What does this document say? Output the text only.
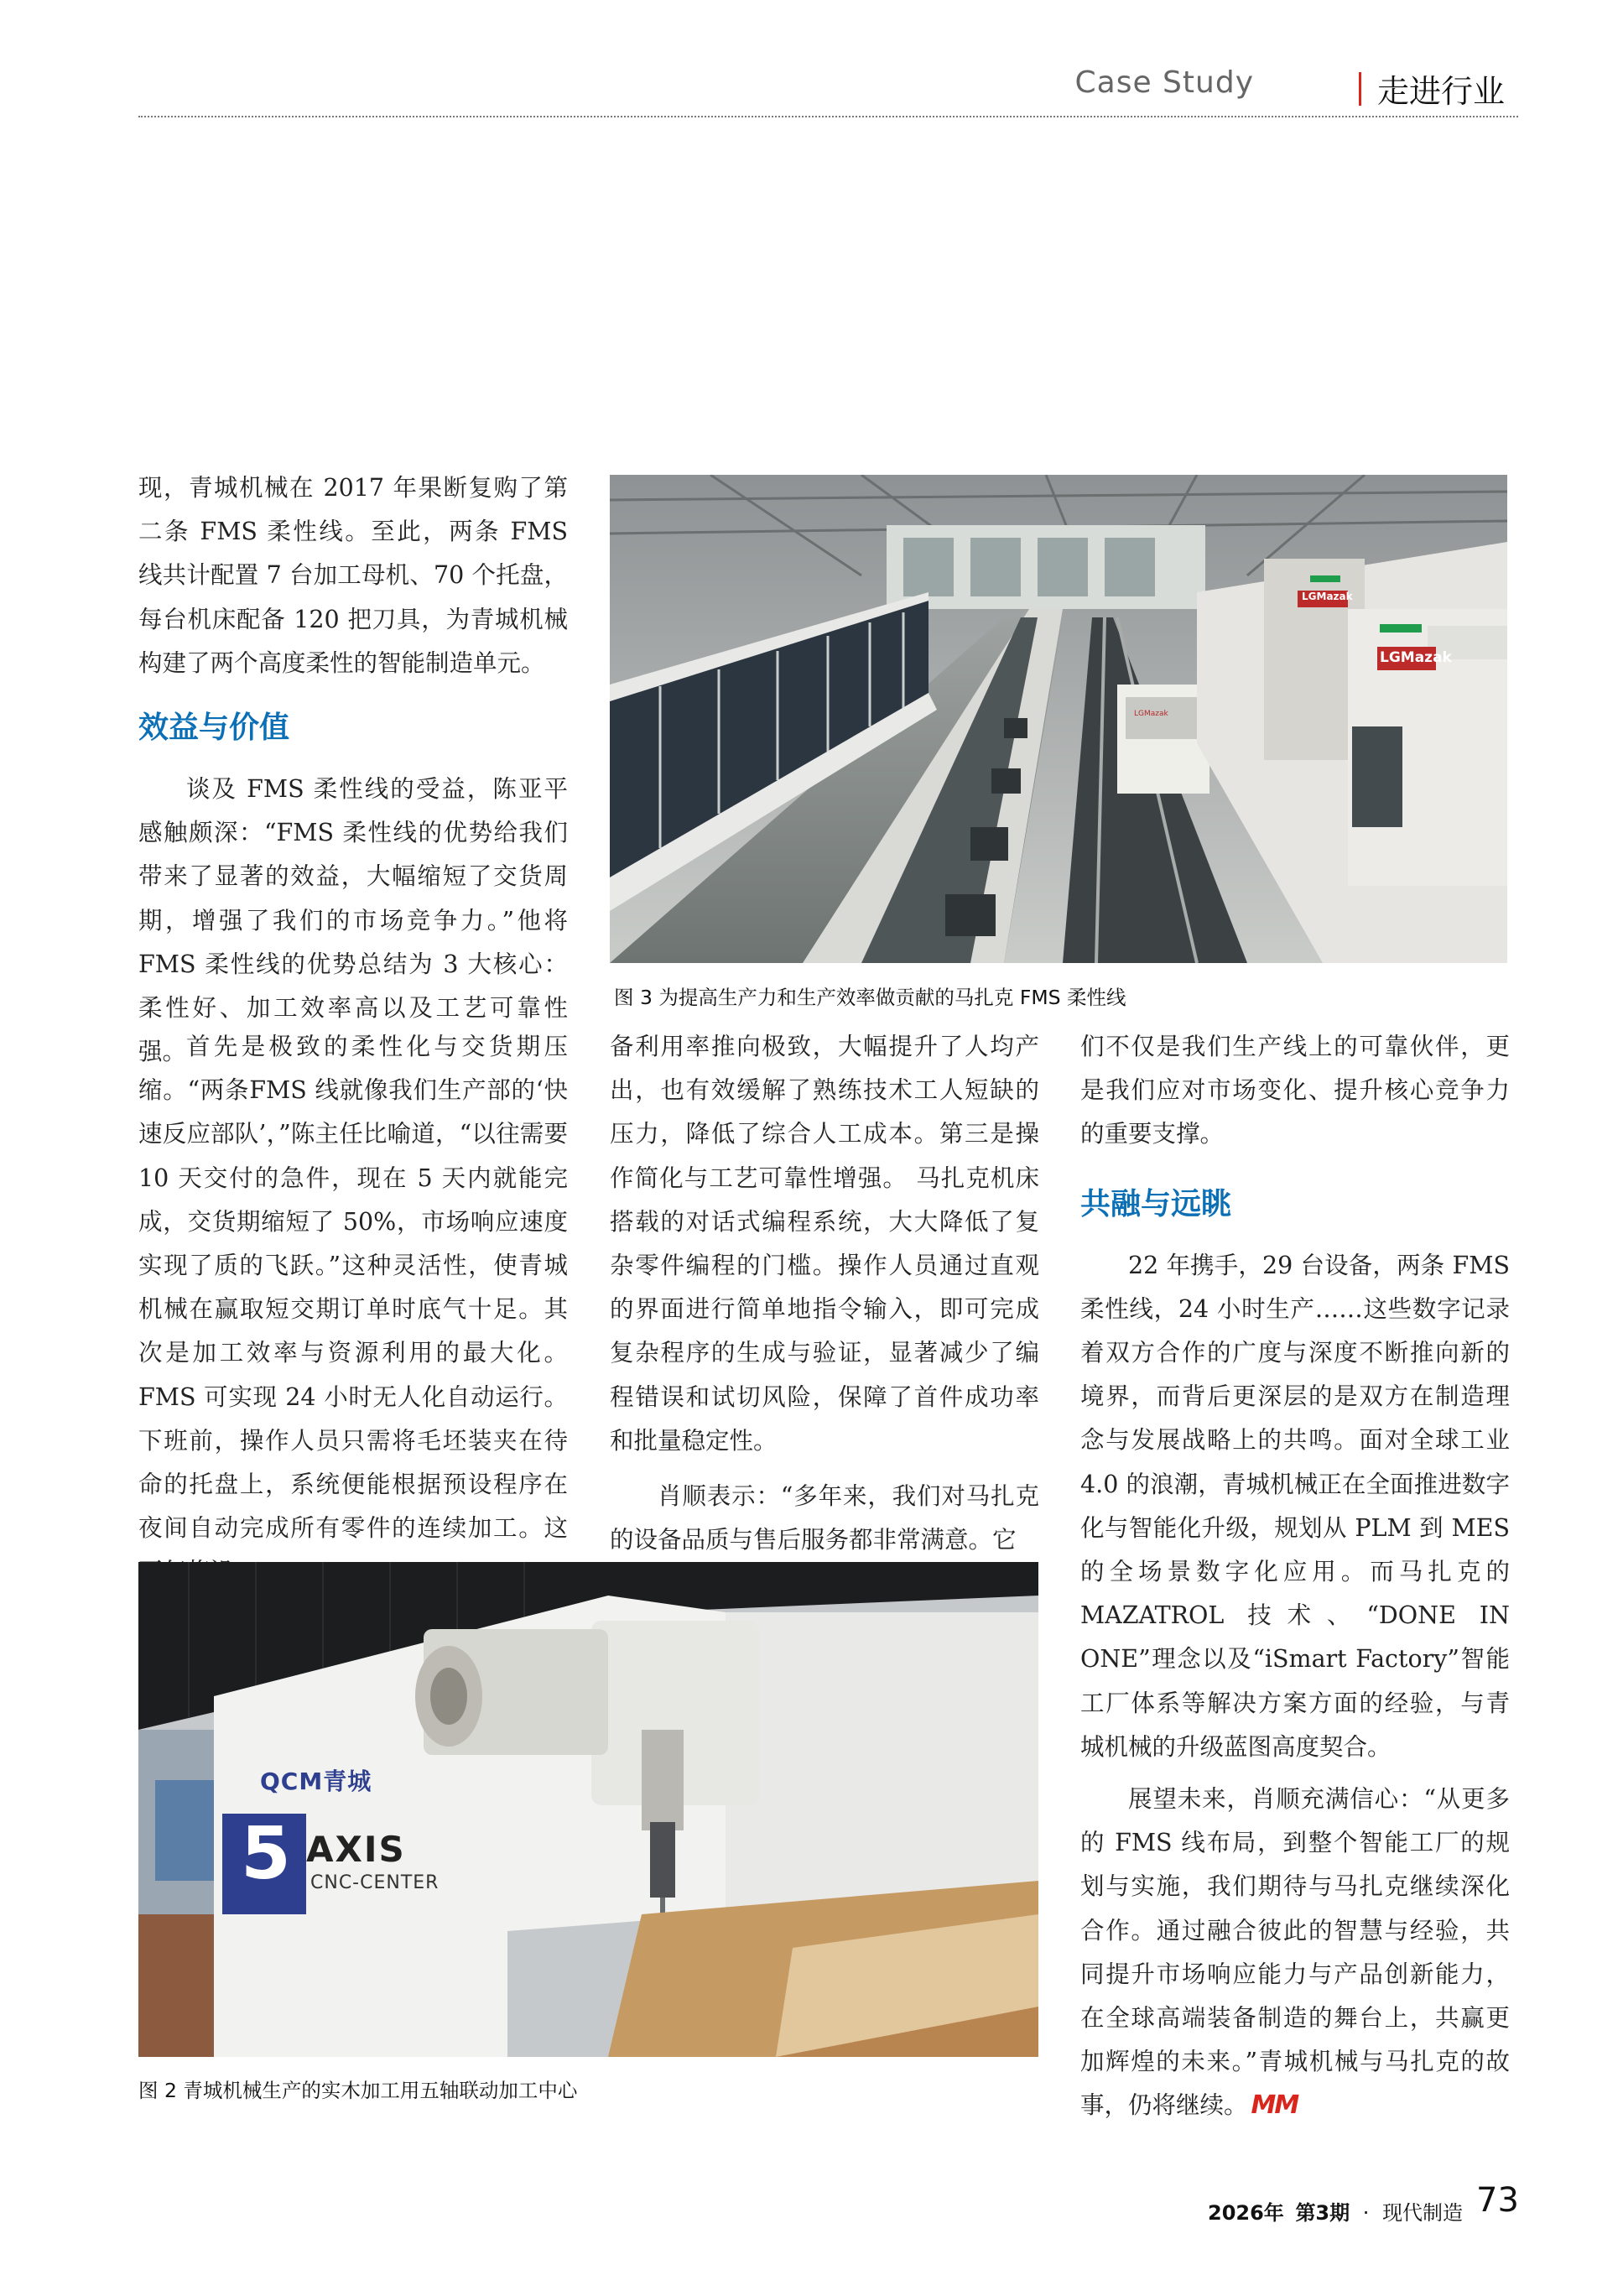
Case Study	走进行业

现，青城机械在 2017 年果断复购了第二条 FMS 柔性线。至此，两条 FMS 线共计配置 7 台加工母机、70 个托盘，每台机床配备 120 把刀具，为青城机械构建了两个高度柔性的智能制造单元。

效益与价值

谈及 FMS 柔性线的受益，陈亚平感触颇深：“FMS 柔性线的优势给我们带来了显著的效益，大幅缩短了交货周期，增强了我们的市场竞争力。”他将 FMS 柔性线的优势总结为 3 大核心：柔性好、加工效率高以及工艺可靠性强。

LGMazak
LGMazak
LGMazak
图 3 为提高生产力和生产效率做贡献的马扎克 FMS 柔性线

首先是极致的柔性化与交货期压缩。“两条FMS 线就像我们生产部的‘快速反应部队’，”陈主任比喻道，“以往需要10 天交付的急件，现在 5 天内就能完成，交货期缩短了 50%，市场响应速度实现了质的飞跃。”这种灵活性，使青城机械在赢取短交期订单时底气十足。其次是加工效率与资源利用的最大化。FMS 可实现 24 小时无人化自动运行。下班前，操作人员只需将毛坯装夹在待命的托盘上，系统便能根据预设程序在夜间自动完成所有零件的连续加工。这

备利用率推向极致，大幅提升了人均产出，也有效缓解了熟练技术工人短缺的压力，降低了综合人工成本。第三是操作简化与工艺可靠性增强。 马扎克机床搭载的对话式编程系统，大大降低了复杂零件编程的门槛。操作人员通过直观的界面进行简单地指令输入，即可完成复杂程序的生成与验证，显著减少了编程错误和试切风险，保障了首件成功率和批量稳定性。

肖顺表示：“多年来，我们对马扎克的设备品质与售后服务都非常满意。它

们不仅是我们生产线上的可靠伙伴，更是我们应对市场变化、提升核心竞争力的重要支撑。

共融与远眺

22 年携手，29 台设备，两条 FMS 柔性线，24 小时生产……这些数字记录着双方合作的广度与深度不断推向新的境界，而背后更深层的是双方在制造理念与发展战略上的共鸣。面对全球工业 4.0 的浪潮，青城机械正在全面推进数字化与智能化升级，规划从 PLM 到 MES 的全场景数字化应用。而马扎克的 MAZATROL 技术、“DONE IN ONE”理念以及“iSmart Factory”智能工厂体系等解决方案方面的经验，与青城机械的升级蓝图高度契合。

展望未来，肖顺充满信心：“从更多的 FMS 线布局，到整个智能工厂的规划与实施，我们期待与马扎克继续深化合作。通过融合彼此的智慧与经验，共同提升市场响应能力与产品创新能力，在全球高端装备制造的舞台上，共赢更加辉煌的未来。”青城机械与马扎克的故事，仍将继续。 MM

QCM青城
5 AXIS
CNC-CENTER
图 2 青城机械生产的实木加工用五轴联动加工中心
2026年 第3期 · 现代制造 73
